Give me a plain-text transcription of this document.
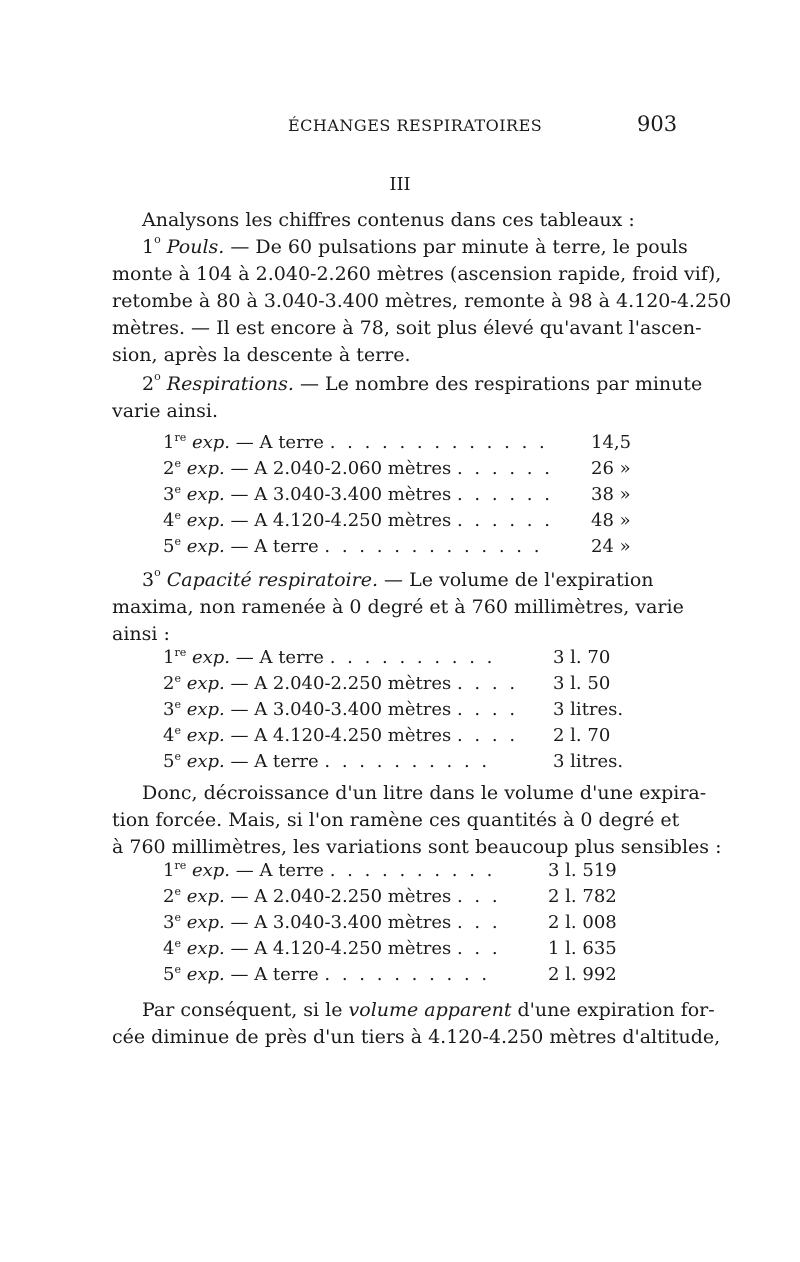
ÉCHANGES RESPIRATOIRES	903
III
Analysons les chiffres contenus dans ces tableaux :
1$^o$ Pouls. — De 60 pulsations par minute à terre, le pouls
monte à 104 à 2.040-2.260 mètres (ascension rapide, froid vif),
retombe à 80 à 3.040-3.400 mètres, remonte à 98 à 4.120-4.250
mètres. — Il est encore à 78, soit plus élevé qu'avant l'ascen-
sion, après la descente à terre.
2$^o$ Respirations. — Le nombre des respirations par minute
varie ainsi.
1re exp. — A terre . . . . . . . . . . . . . 14,5
2e exp. — A 2.040-2.060 mètres . . . . . . 26 »
3e exp. — A 3.040-3.400 mètres . . . . . . 38 »
4e exp. — A 4.120-4.250 mètres . . . . . . 48 »
5e exp. — A terre . . . . . . . . . . . . .	24 »
3$^o$ Capacité respiratoire. — Le volume de l'expiration
maxima, non ramenée à 0 degré et à 760 millimètres, varie
ainsi :
1re exp. — A terre . . . . . . . . . .	3 l. 70
2e exp. — A 2.040-2.250 mètres . . . . 3 l. 50
3e exp. — A 3.040-3.400 mètres . . . . 3 litres.
4e exp. — A 4.120-4.250 mètres . . . . 2 l. 70
5e exp. — A terre . . . . . . . . . .	3 litres.
Donc, décroissance d'un litre dans le volume d'une expira-
tion forcée. Mais, si l'on ramène ces quantités à 0 degré et
à 760 millimètres, les variations sont beaucoup plus sensibles :
1re exp. — A terre . . . . . . . . . .	3 l. 519
2e exp. — A 2.040-2.250 mètres . . .	2 l. 782
3e exp. — A 3.040-3.400 mètres . . .	2 l. 008
4e exp. — A 4.120-4.250 mètres . . .	1 l. 635
5e exp. — A terre . . . . . . . . . .	2 l. 992
Par conséquent, si le volume apparent d'une expiration for-
cée diminue de près d'un tiers à 4.120-4.250 mètres d'altitude,
